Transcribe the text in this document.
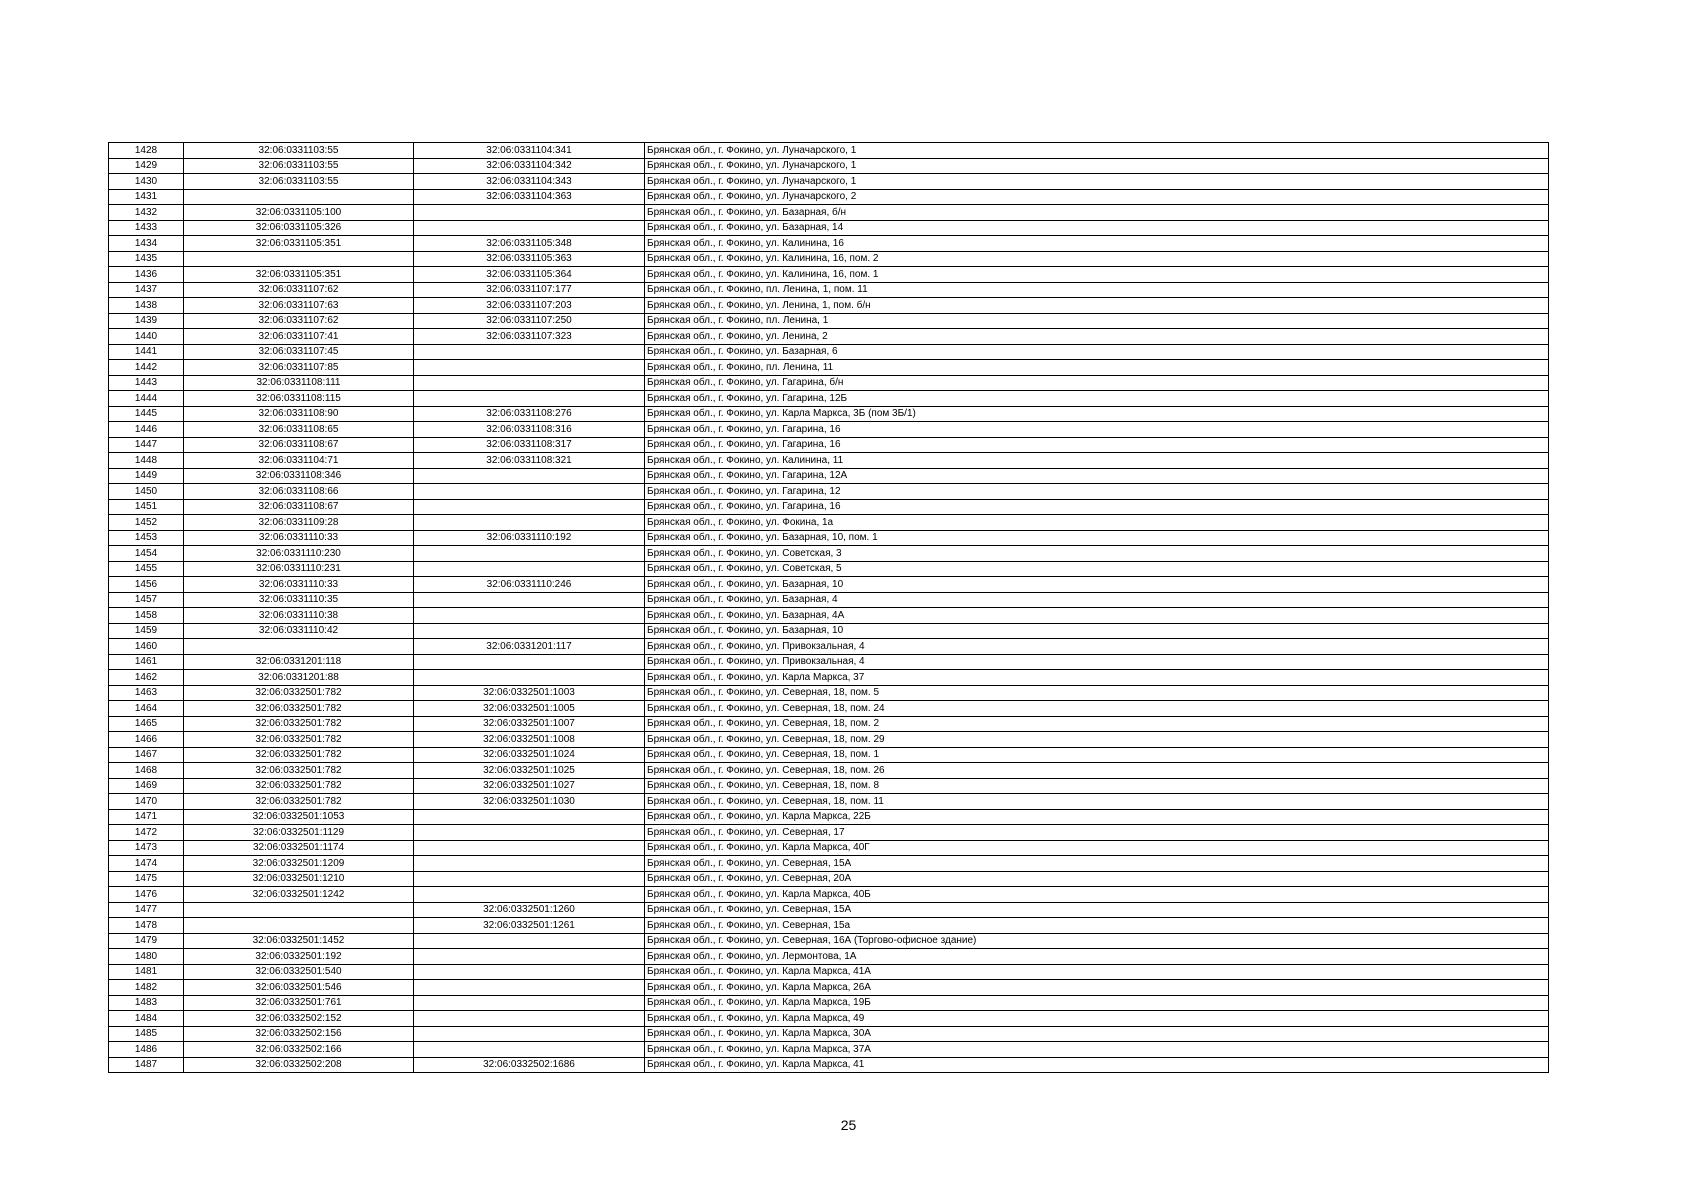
1428	32:06:0331103:55	32:06:0331104:341	Брянская обл., г. Фокино, ул. Луначарского, 1
1429	32:06:0331103:55	32:06:0331104:342	Брянская обл., г. Фокино, ул. Луначарского, 1
1430	32:06:0331103:55	32:06:0331104:343	Брянская обл., г. Фокино, ул. Луначарского, 1
1431		32:06:0331104:363	Брянская обл., г. Фокино, ул. Луначарского, 2
1432	32:06:0331105:100		Брянская обл., г. Фокино, ул. Базарная, б/н
1433	32:06:0331105:326		Брянская обл., г. Фокино, ул. Базарная, 14
1434	32:06:0331105:351	32:06:0331105:348	Брянская обл., г. Фокино, ул. Калинина, 16
1435		32:06:0331105:363	Брянская обл., г. Фокино, ул. Калинина, 16, пом. 2
1436	32:06:0331105:351	32:06:0331105:364	Брянская обл., г. Фокино, ул. Калинина, 16, пом. 1
1437	32:06:0331107:62	32:06:0331107:177	Брянская обл., г. Фокино, пл. Ленина, 1, пом. 11
1438	32:06:0331107:63	32:06:0331107:203	Брянская обл., г. Фокино, ул. Ленина, 1, пом. б/н
1439	32:06:0331107:62	32:06:0331107:250	Брянская обл., г. Фокино, пл. Ленина, 1
1440	32:06:0331107:41	32:06:0331107:323	Брянская обл., г. Фокино, ул. Ленина, 2
1441	32:06:0331107:45		Брянская обл., г. Фокино, ул. Базарная, 6
1442	32:06:0331107:85		Брянская обл., г. Фокино, пл. Ленина, 11
1443	32:06:0331108:111		Брянская обл., г. Фокино, ул. Гагарина, б/н
1444	32:06:0331108:115		Брянская обл., г. Фокино, ул. Гагарина, 12Б
1445	32:06:0331108:90	32:06:0331108:276	Брянская обл., г. Фокино, ул. Карла Маркса, 3Б (пом 3Б/1)
1446	32:06:0331108:65	32:06:0331108:316	Брянская обл., г. Фокино, ул. Гагарина, 16
1447	32:06:0331108:67	32:06:0331108:317	Брянская обл., г. Фокино, ул. Гагарина, 16
1448	32:06:0331104:71	32:06:0331108:321	Брянская обл., г. Фокино, ул. Калинина, 11
1449	32:06:0331108:346		Брянская обл., г. Фокино, ул. Гагарина, 12А
1450	32:06:0331108:66		Брянская обл., г. Фокино, ул. Гагарина, 12
1451	32:06:0331108:67		Брянская обл., г. Фокино, ул. Гагарина, 16
1452	32:06:0331109:28		Брянская обл., г. Фокино, ул. Фокина, 1а
1453	32:06:0331110:33	32:06:0331110:192	Брянская обл., г. Фокино, ул. Базарная, 10, пом. 1
1454	32:06:0331110:230		Брянская обл., г. Фокино, ул. Советская, 3
1455	32:06:0331110:231		Брянская обл., г. Фокино, ул. Советская, 5
1456	32:06:0331110:33	32:06:0331110:246	Брянская обл., г. Фокино, ул. Базарная, 10
1457	32:06:0331110:35		Брянская обл., г. Фокино, ул. Базарная, 4
1458	32:06:0331110:38		Брянская обл., г. Фокино, ул. Базарная, 4А
1459	32:06:0331110:42		Брянская обл., г. Фокино, ул. Базарная, 10
1460		32:06:0331201:117	Брянская обл., г. Фокино, ул. Привокзальная, 4
1461	32:06:0331201:118		Брянская обл., г. Фокино, ул. Привокзальная, 4
1462	32:06:0331201:88		Брянская обл., г. Фокино, ул. Карла Маркса, 37
1463	32:06:0332501:782	32:06:0332501:1003	Брянская обл., г. Фокино, ул. Северная, 18, пом. 5
1464	32:06:0332501:782	32:06:0332501:1005	Брянская обл., г. Фокино, ул. Северная, 18, пом. 24
1465	32:06:0332501:782	32:06:0332501:1007	Брянская обл., г. Фокино, ул. Северная, 18, пом. 2
1466	32:06:0332501:782	32:06:0332501:1008	Брянская обл., г. Фокино, ул. Северная, 18, пом. 29
1467	32:06:0332501:782	32:06:0332501:1024	Брянская обл., г. Фокино, ул. Северная, 18, пом. 1
1468	32:06:0332501:782	32:06:0332501:1025	Брянская обл., г. Фокино, ул. Северная, 18, пом. 26
1469	32:06:0332501:782	32:06:0332501:1027	Брянская обл., г. Фокино, ул. Северная, 18, пом. 8
1470	32:06:0332501:782	32:06:0332501:1030	Брянская обл., г. Фокино, ул. Северная, 18, пом. 11
1471	32:06:0332501:1053		Брянская обл., г. Фокино, ул. Карла Маркса, 22Б
1472	32:06:0332501:1129		Брянская обл., г. Фокино, ул. Северная, 17
1473	32:06:0332501:1174		Брянская обл., г. Фокино, ул. Карла Маркса, 40Г
1474	32:06:0332501:1209		Брянская обл., г. Фокино, ул. Северная, 15А
1475	32:06:0332501:1210		Брянская обл., г. Фокино, ул. Северная, 20А
1476	32:06:0332501:1242		Брянская обл., г. Фокино, ул. Карла Маркса, 40Б
1477		32:06:0332501:1260	Брянская обл., г. Фокино, ул. Северная, 15А
1478		32:06:0332501:1261	Брянская обл., г. Фокино, ул. Северная, 15а
1479	32:06:0332501:1452		Брянская обл., г. Фокино, ул. Северная, 16А (Торгово-офисное здание)
1480	32:06:0332501:192		Брянская обл., г. Фокино, ул. Лермонтова, 1А
1481	32:06:0332501:540		Брянская обл., г. Фокино, ул. Карла Маркса, 41А
1482	32:06:0332501:546		Брянская обл., г. Фокино, ул. Карла Маркса, 26А
1483	32:06:0332501:761		Брянская обл., г. Фокино, ул. Карла Маркса, 19Б
1484	32:06:0332502:152		Брянская обл., г. Фокино, ул. Карла Маркса, 49
1485	32:06:0332502:156		Брянская обл., г. Фокино, ул. Карла Маркса, 30А
1486	32:06:0332502:166		Брянская обл., г. Фокино, ул. Карла Маркса, 37А
1487	32:06:0332502:208	32:06:0332502:1686	Брянская обл., г. Фокино, ул. Карла Маркса, 41
25
